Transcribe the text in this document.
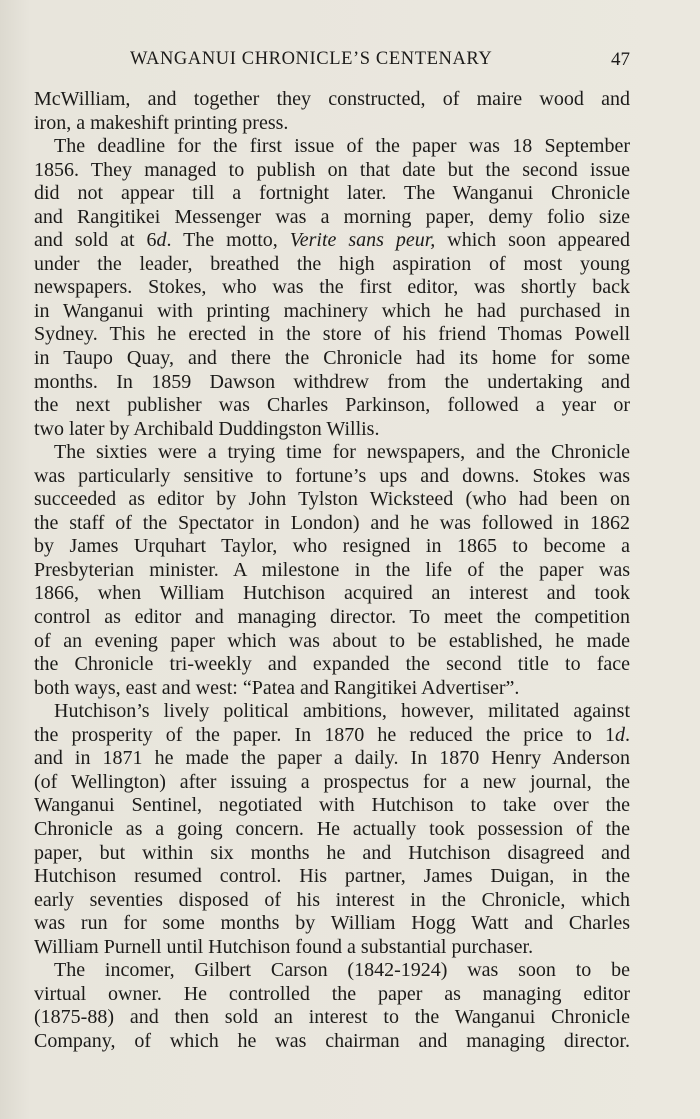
WANGANUI CHRONICLE’S CENTENARY	47
McWilliam, and together they constructed, of maire wood and
iron, a makeshift printing press.
The deadline for the first issue of the paper was 18 September
1856. They managed to publish on that date but the second issue
did not appear till a fortnight later. The Wanganui Chronicle
and Rangitikei Messenger was a morning paper, demy folio size
and sold at 6d. The motto, Verite sans peur, which soon appeared
under the leader, breathed the high aspiration of most young
newspapers. Stokes, who was the first editor, was shortly back
in Wanganui with printing machinery which he had purchased in
Sydney. This he erected in the store of his friend Thomas Powell
in Taupo Quay, and there the Chronicle had its home for some
months. In 1859 Dawson withdrew from the undertaking and
the next publisher was Charles Parkinson, followed a year or
two later by Archibald Duddingston Willis.
The sixties were a trying time for newspapers, and the Chronicle
was particularly sensitive to fortune’s ups and downs. Stokes was
succeeded as editor by John Tylston Wicksteed (who had been on
the staff of the Spectator in London) and he was followed in 1862
by James Urquhart Taylor, who resigned in 1865 to become a
Presbyterian minister. A milestone in the life of the paper was
1866, when William Hutchison acquired an interest and took
control as editor and managing director. To meet the competition
of an evening paper which was about to be established, he made
the Chronicle tri-weekly and expanded the second title to face
both ways, east and west: “Patea and Rangitikei Advertiser”.
Hutchison’s lively political ambitions, however, militated against
the prosperity of the paper. In 1870 he reduced the price to 1d.
and in 1871 he made the paper a daily. In 1870 Henry Anderson
(of Wellington) after issuing a prospectus for a new journal, the
Wanganui Sentinel, negotiated with Hutchison to take over the
Chronicle as a going concern. He actually took possession of the
paper, but within six months he and Hutchison disagreed and
Hutchison resumed control. His partner, James Duigan, in the
early seventies disposed of his interest in the Chronicle, which
was run for some months by William Hogg Watt and Charles
William Purnell until Hutchison found a substantial purchaser.
The incomer, Gilbert Carson (1842-1924) was soon to be
virtual owner. He controlled the paper as managing editor
(1875-88) and then sold an interest to the Wanganui Chronicle
Company, of which he was chairman and managing director.
